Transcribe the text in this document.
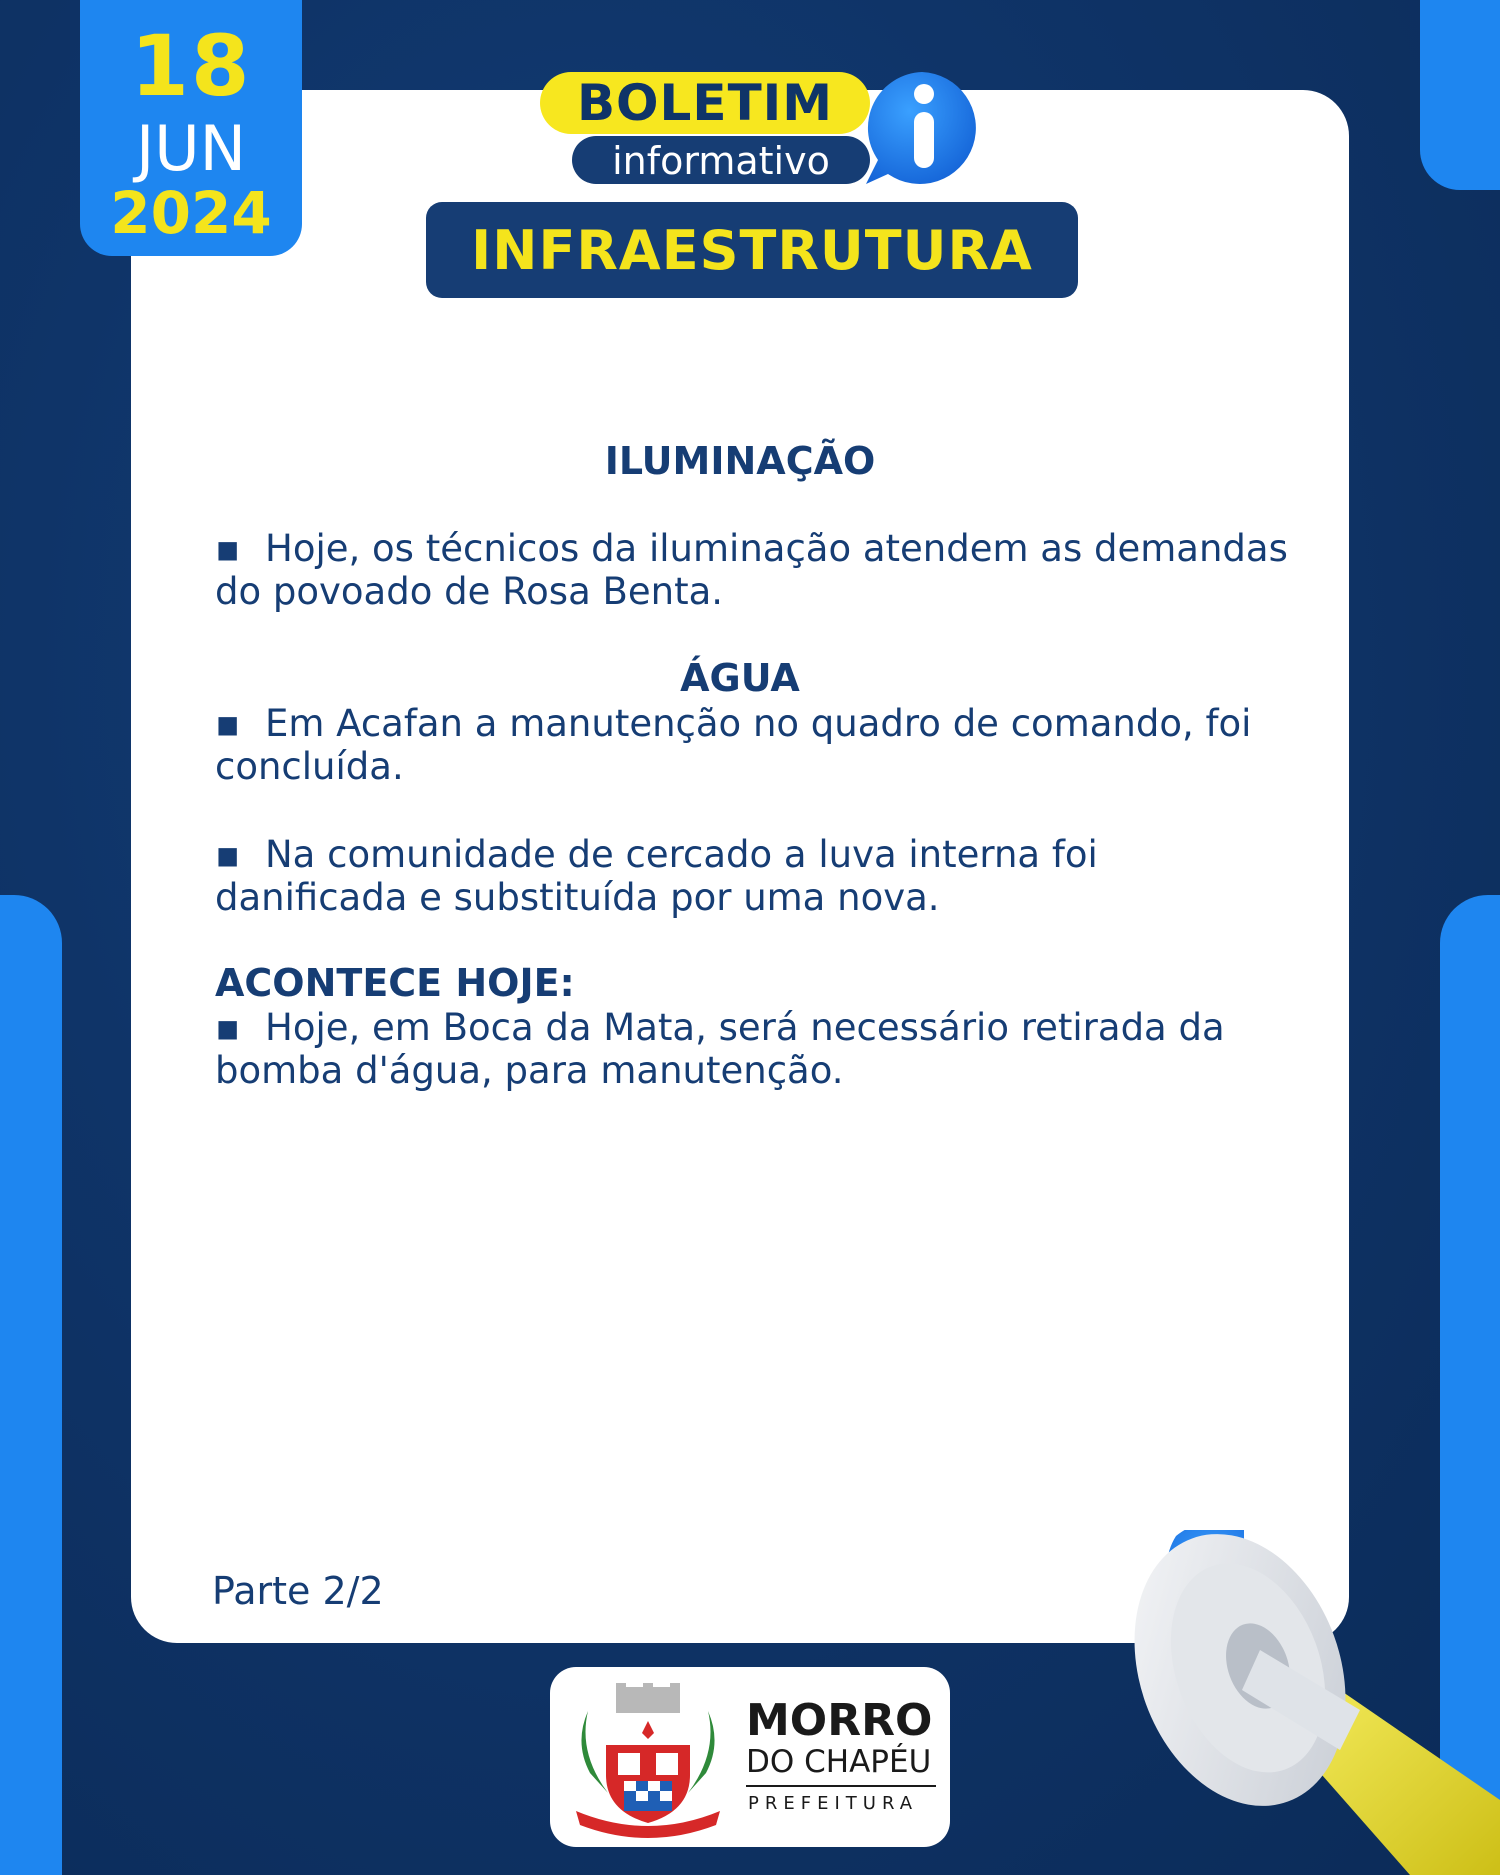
18
JUN
2024
BOLETIM
informativo
INFRAESTRUTURA
ILUMINAÇÃO
▪ Hoje, os técnicos da iluminação atendem as demandas do povoado de Rosa Benta.
ÁGUA
▪ Em Acafan a manutenção no quadro de comando, foi concluída.
▪ Na comunidade de cercado a luva interna foi danificada e substituída por uma nova.
ACONTECE HOJE:
▪ Hoje, em Boca da Mata, será necessário retirada da bomba d'água, para manutenção.
Parte 2/2
MORRO
DO CHAPÉU
PREFEITURA
